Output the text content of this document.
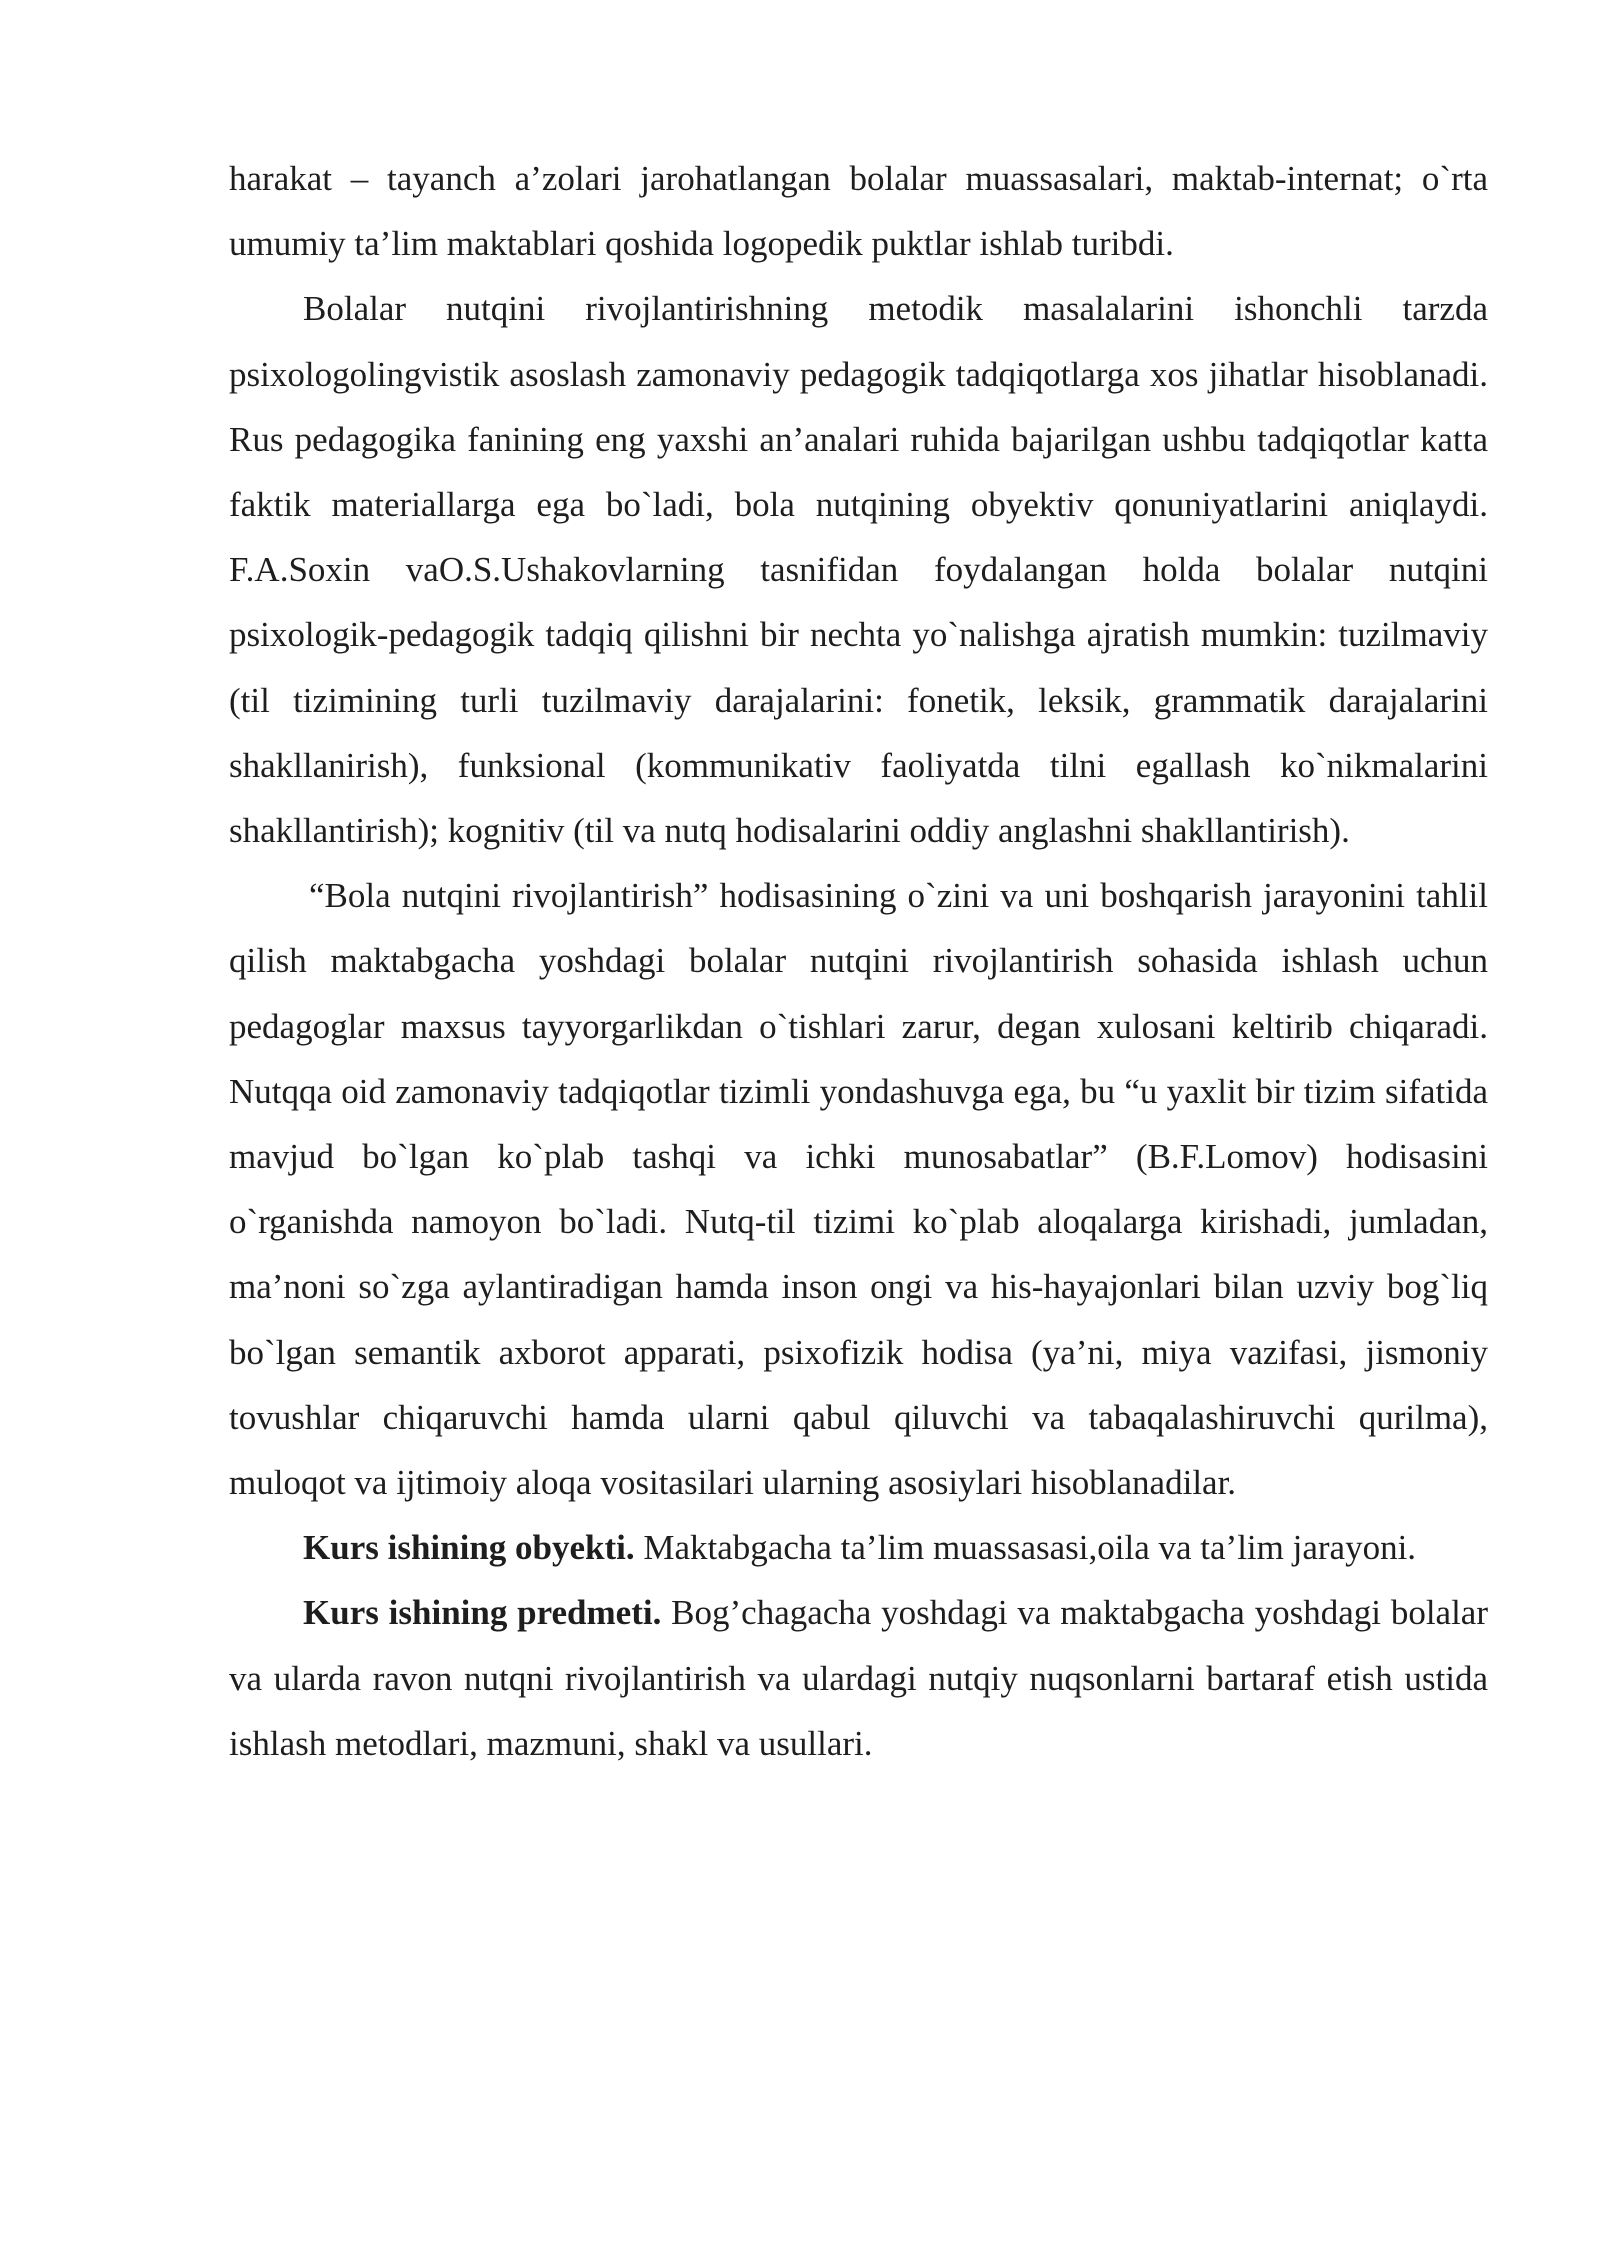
harakat – tayanch a’zolari jarohatlangan bolalar muassasalari, maktab-internat; o`rta umumiy ta’lim maktablari qoshida logopedik puktlar ishlab turibdi.

Bolalar nutqini rivojlantirishning metodik masalalarini ishonchli tarzda psixologolingvistik asoslash zamonaviy pedagogik tadqiqotlarga xos jihatlar hisoblanadi. Rus pedagogika fanining eng yaxshi an’analari ruhida bajarilgan ushbu tadqiqotlar katta faktik materiallarga ega bo`ladi, bola nutqining obyektiv qonuniyatlarini aniqlaydi. F.A.Soxin vaO.S.Ushakovlarning tasnifidan foydalangan holda bolalar nutqini psixologik-pedagogik tadqiq qilishni bir nechta yo`nalishga ajratish mumkin: tuzilmaviy (til tizimining turli tuzilmaviy darajalarini: fonetik, leksik, grammatik darajalarini shakllanirish), funksional (kommunikativ faoliyatda tilni egallash ko`nikmalarini shakllantirish); kognitiv (til va nutq hodisalarini oddiy anglashni shakllantirish).

“Bola nutqini rivojlantirish” hodisasining o`zini va uni boshqarish jarayonini tahlil qilish maktabgacha yoshdagi bolalar nutqini rivojlantirish sohasida ishlash uchun pedagoglar maxsus tayyorgarlikdan o`tishlari zarur, degan xulosani keltirib chiqaradi. Nutqqa oid zamonaviy tadqiqotlar tizimli yondashuvga ega, bu “u yaxlit bir tizim sifatida mavjud bo`lgan ko`plab tashqi va ichki munosabatlar” (B.F.Lomov) hodisasini o`rganishda namoyon bo`ladi. Nutq-til tizimi ko`plab aloqalarga kirishadi, jumladan, ma’noni so`zga aylantiradigan hamda inson ongi va his-hayajonlari bilan uzviy bog`liq bo`lgan semantik axborot apparati, psixofizik hodisa (ya’ni, miya vazifasi, jismoniy tovushlar chiqaruvchi hamda ularni qabul qiluvchi va tabaqalashiruvchi qurilma), muloqot va ijtimoiy aloqa vositasilari ularning asosiylari hisoblanadilar.

Kurs ishining obyekti. Maktabgacha ta’lim muassasasi,oila va ta’lim jarayoni.

Kurs ishining predmeti. Bog’chagacha yoshdagi va maktabgacha yoshdagi bolalar va ularda ravon nutqni rivojlantirish va ulardagi nutqiy nuqsonlarni bartaraf etish ustida ishlash metodlari, mazmuni, shakl va usullari.
